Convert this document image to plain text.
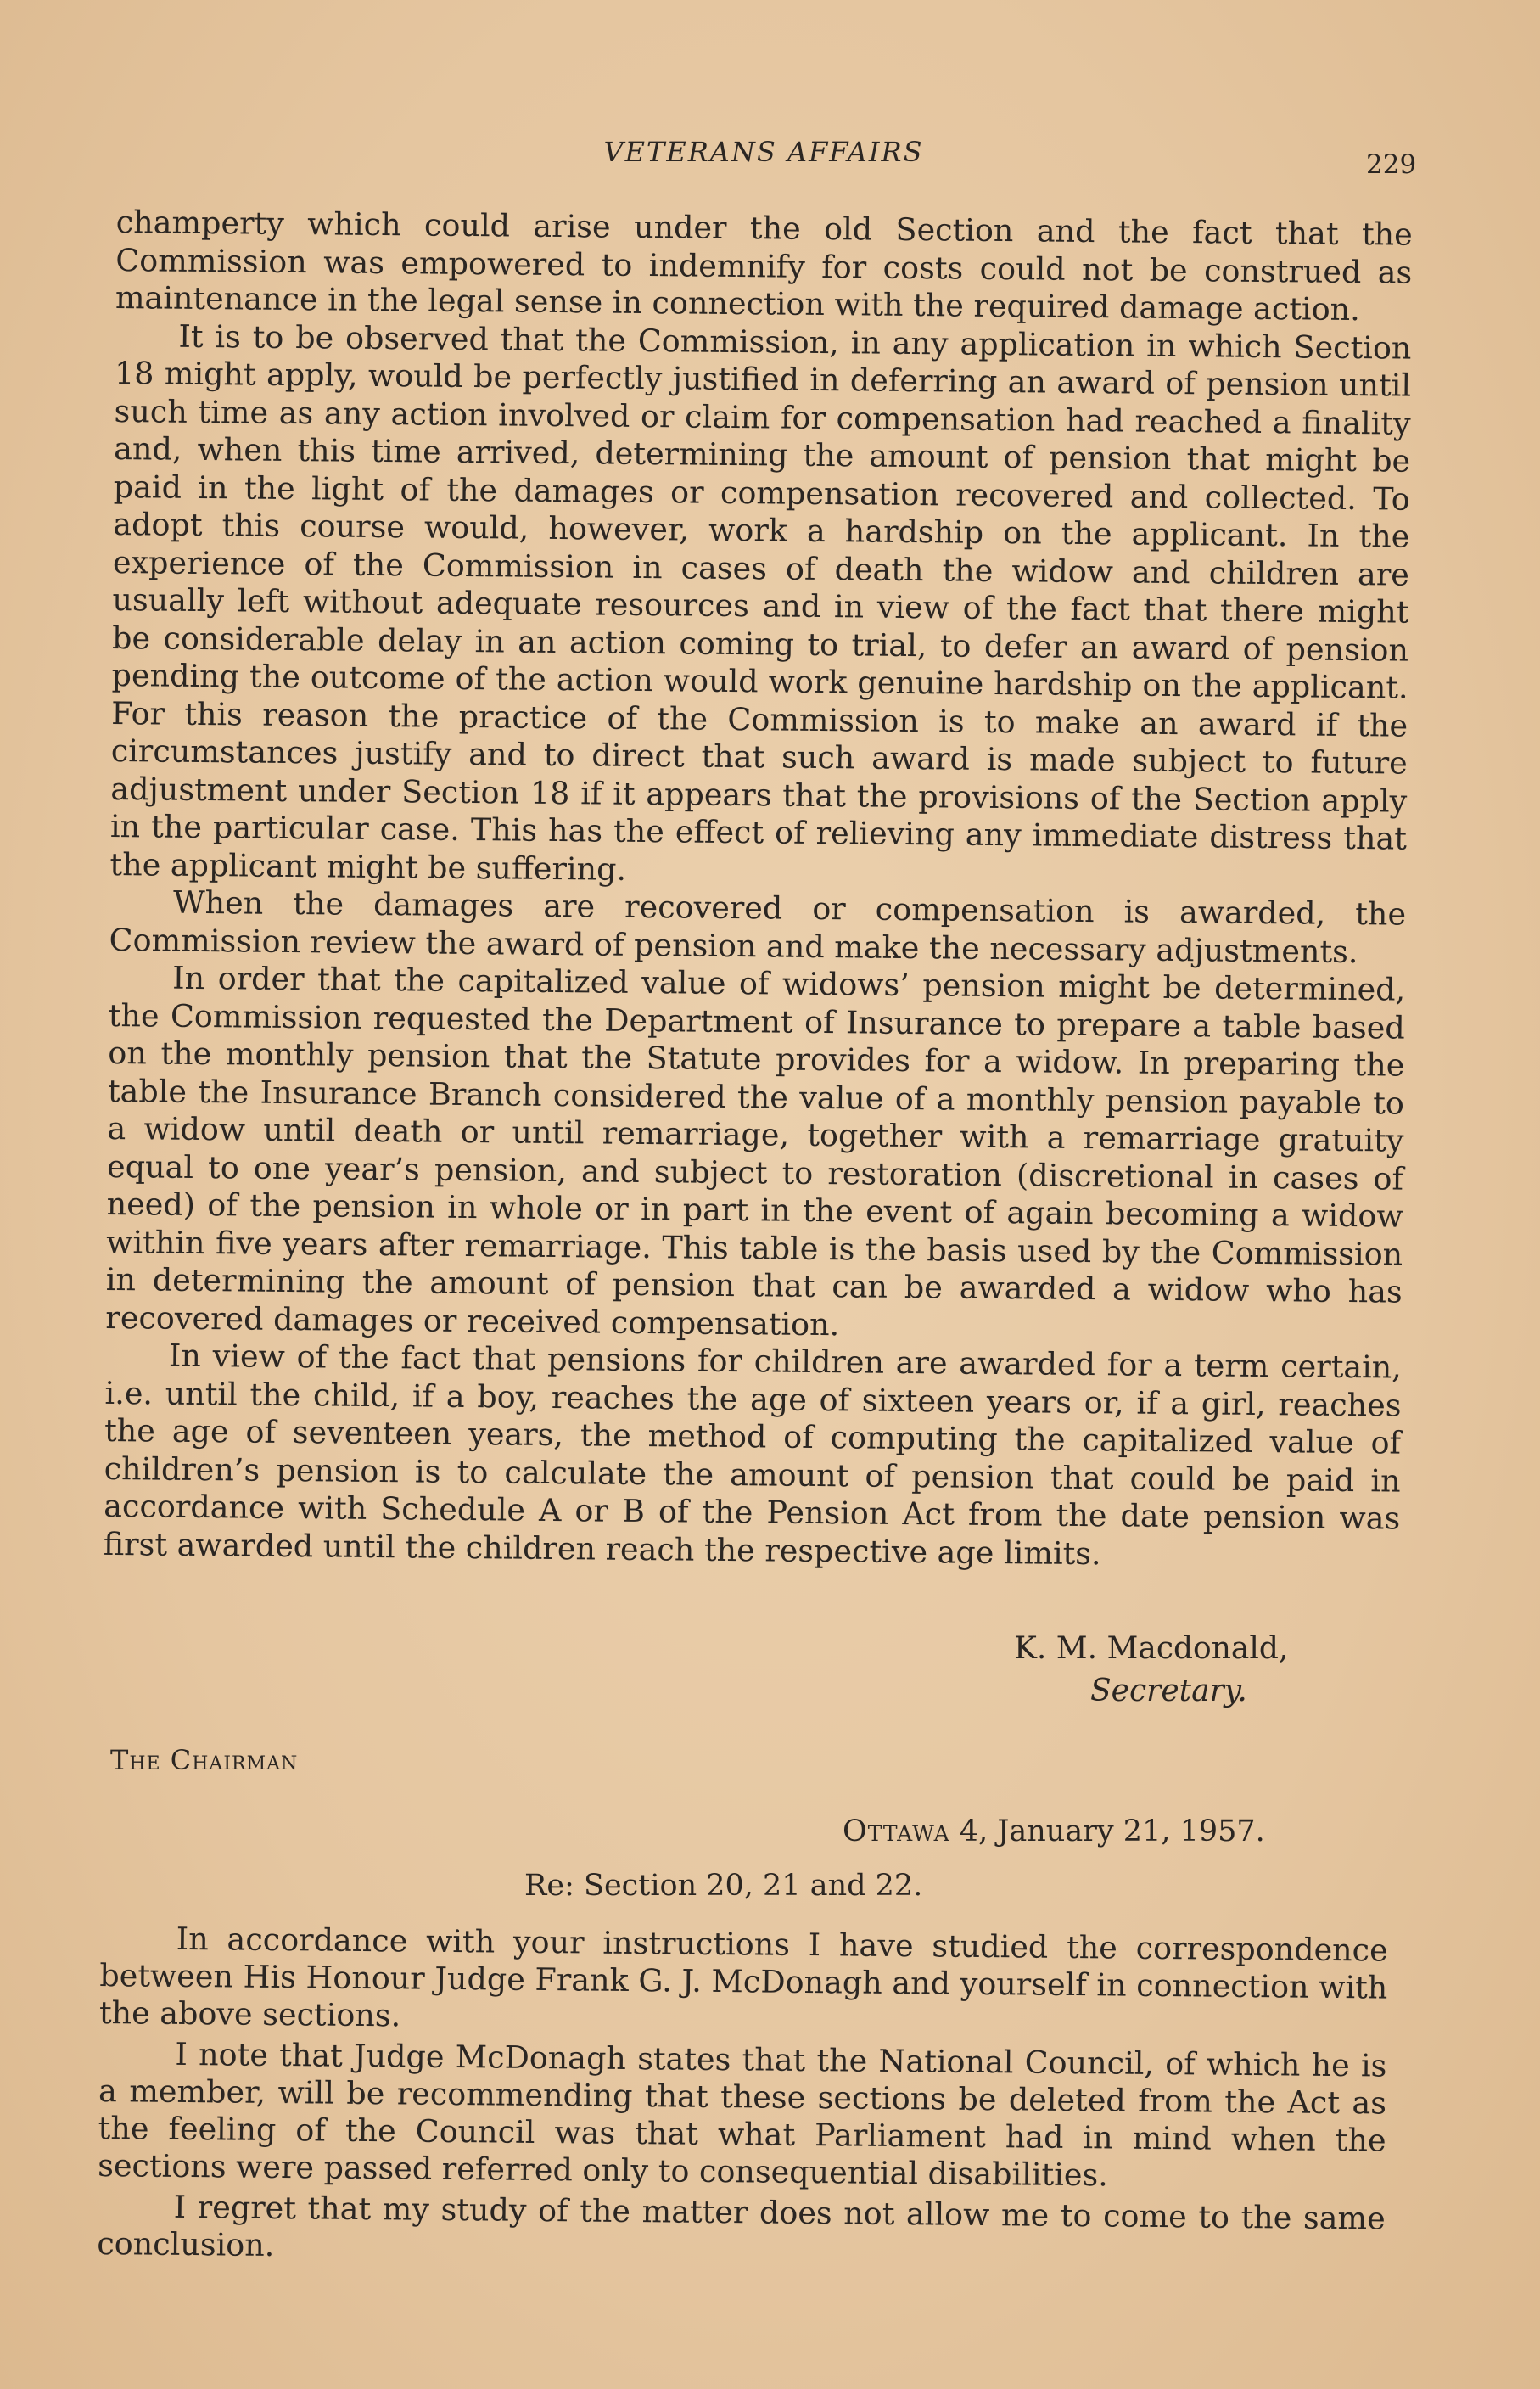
VETERANS AFFAIRS	229

champerty which could arise under the old Section and the fact that the Commission was empowered to indemnify for costs could not be construed as maintenance in the legal sense in connection with the required damage action.

It is to be observed that the Commission, in any application in which Section 18 might apply, would be perfectly justified in deferring an award of pension until such time as any action involved or claim for compensation had reached a finality and, when this time arrived, determining the amount of pension that might be paid in the light of the damages or compensation recovered and collected. To adopt this course would, however, work a hardship on the applicant. In the experience of the Commission in cases of death the widow and children are usually left without adequate resources and in view of the fact that there might be considerable delay in an action coming to trial, to defer an award of pension pending the outcome of the action would work genuine hardship on the applicant. For this reason the practice of the Commission is to make an award if the circumstances justify and to direct that such award is made subject to future adjustment under Section 18 if it appears that the provisions of the Section apply in the particular case. This has the effect of relieving any immediate distress that the applicant might be suffering.

When the damages are recovered or compensation is awarded, the Commission review the award of pension and make the necessary adjustments.

In order that the capitalized value of widows’ pension might be determined, the Commission requested the Department of Insurance to prepare a table based on the monthly pension that the Statute provides for a widow. In preparing the table the Insurance Branch considered the value of a monthly pension payable to a widow until death or until remarriage, together with a remarriage gratuity equal to one year’s pension, and subject to restoration (discretional in cases of need) of the pension in whole or in part in the event of again becoming a widow within five years after remarriage. This table is the basis used by the Commission in determining the amount of pension that can be awarded a widow who has recovered damages or received compensation.

In view of the fact that pensions for children are awarded for a term certain, i.e. until the child, if a boy, reaches the age of sixteen years or, if a girl, reaches the age of seventeen years, the method of computing the capitalized value of children’s pension is to calculate the amount of pension that could be paid in accordance with Schedule A or B of the Pension Act from the date pension was first awarded until the children reach the respective age limits.

K. M. Macdonald,
Secretary.
The Chairman
Ottawa 4, January 21, 1957.
Re: Section 20, 21 and 22.

In accordance with your instructions I have studied the correspondence between His Honour Judge Frank G. J. McDonagh and yourself in connection with the above sections.

I note that Judge McDonagh states that the National Council, of which he is a member, will be recommending that these sections be deleted from the Act as the feeling of the Council was that what Parliament had in mind when the sections were passed referred only to consequential disabilities.

I regret that my study of the matter does not allow me to come to the same conclusion.
